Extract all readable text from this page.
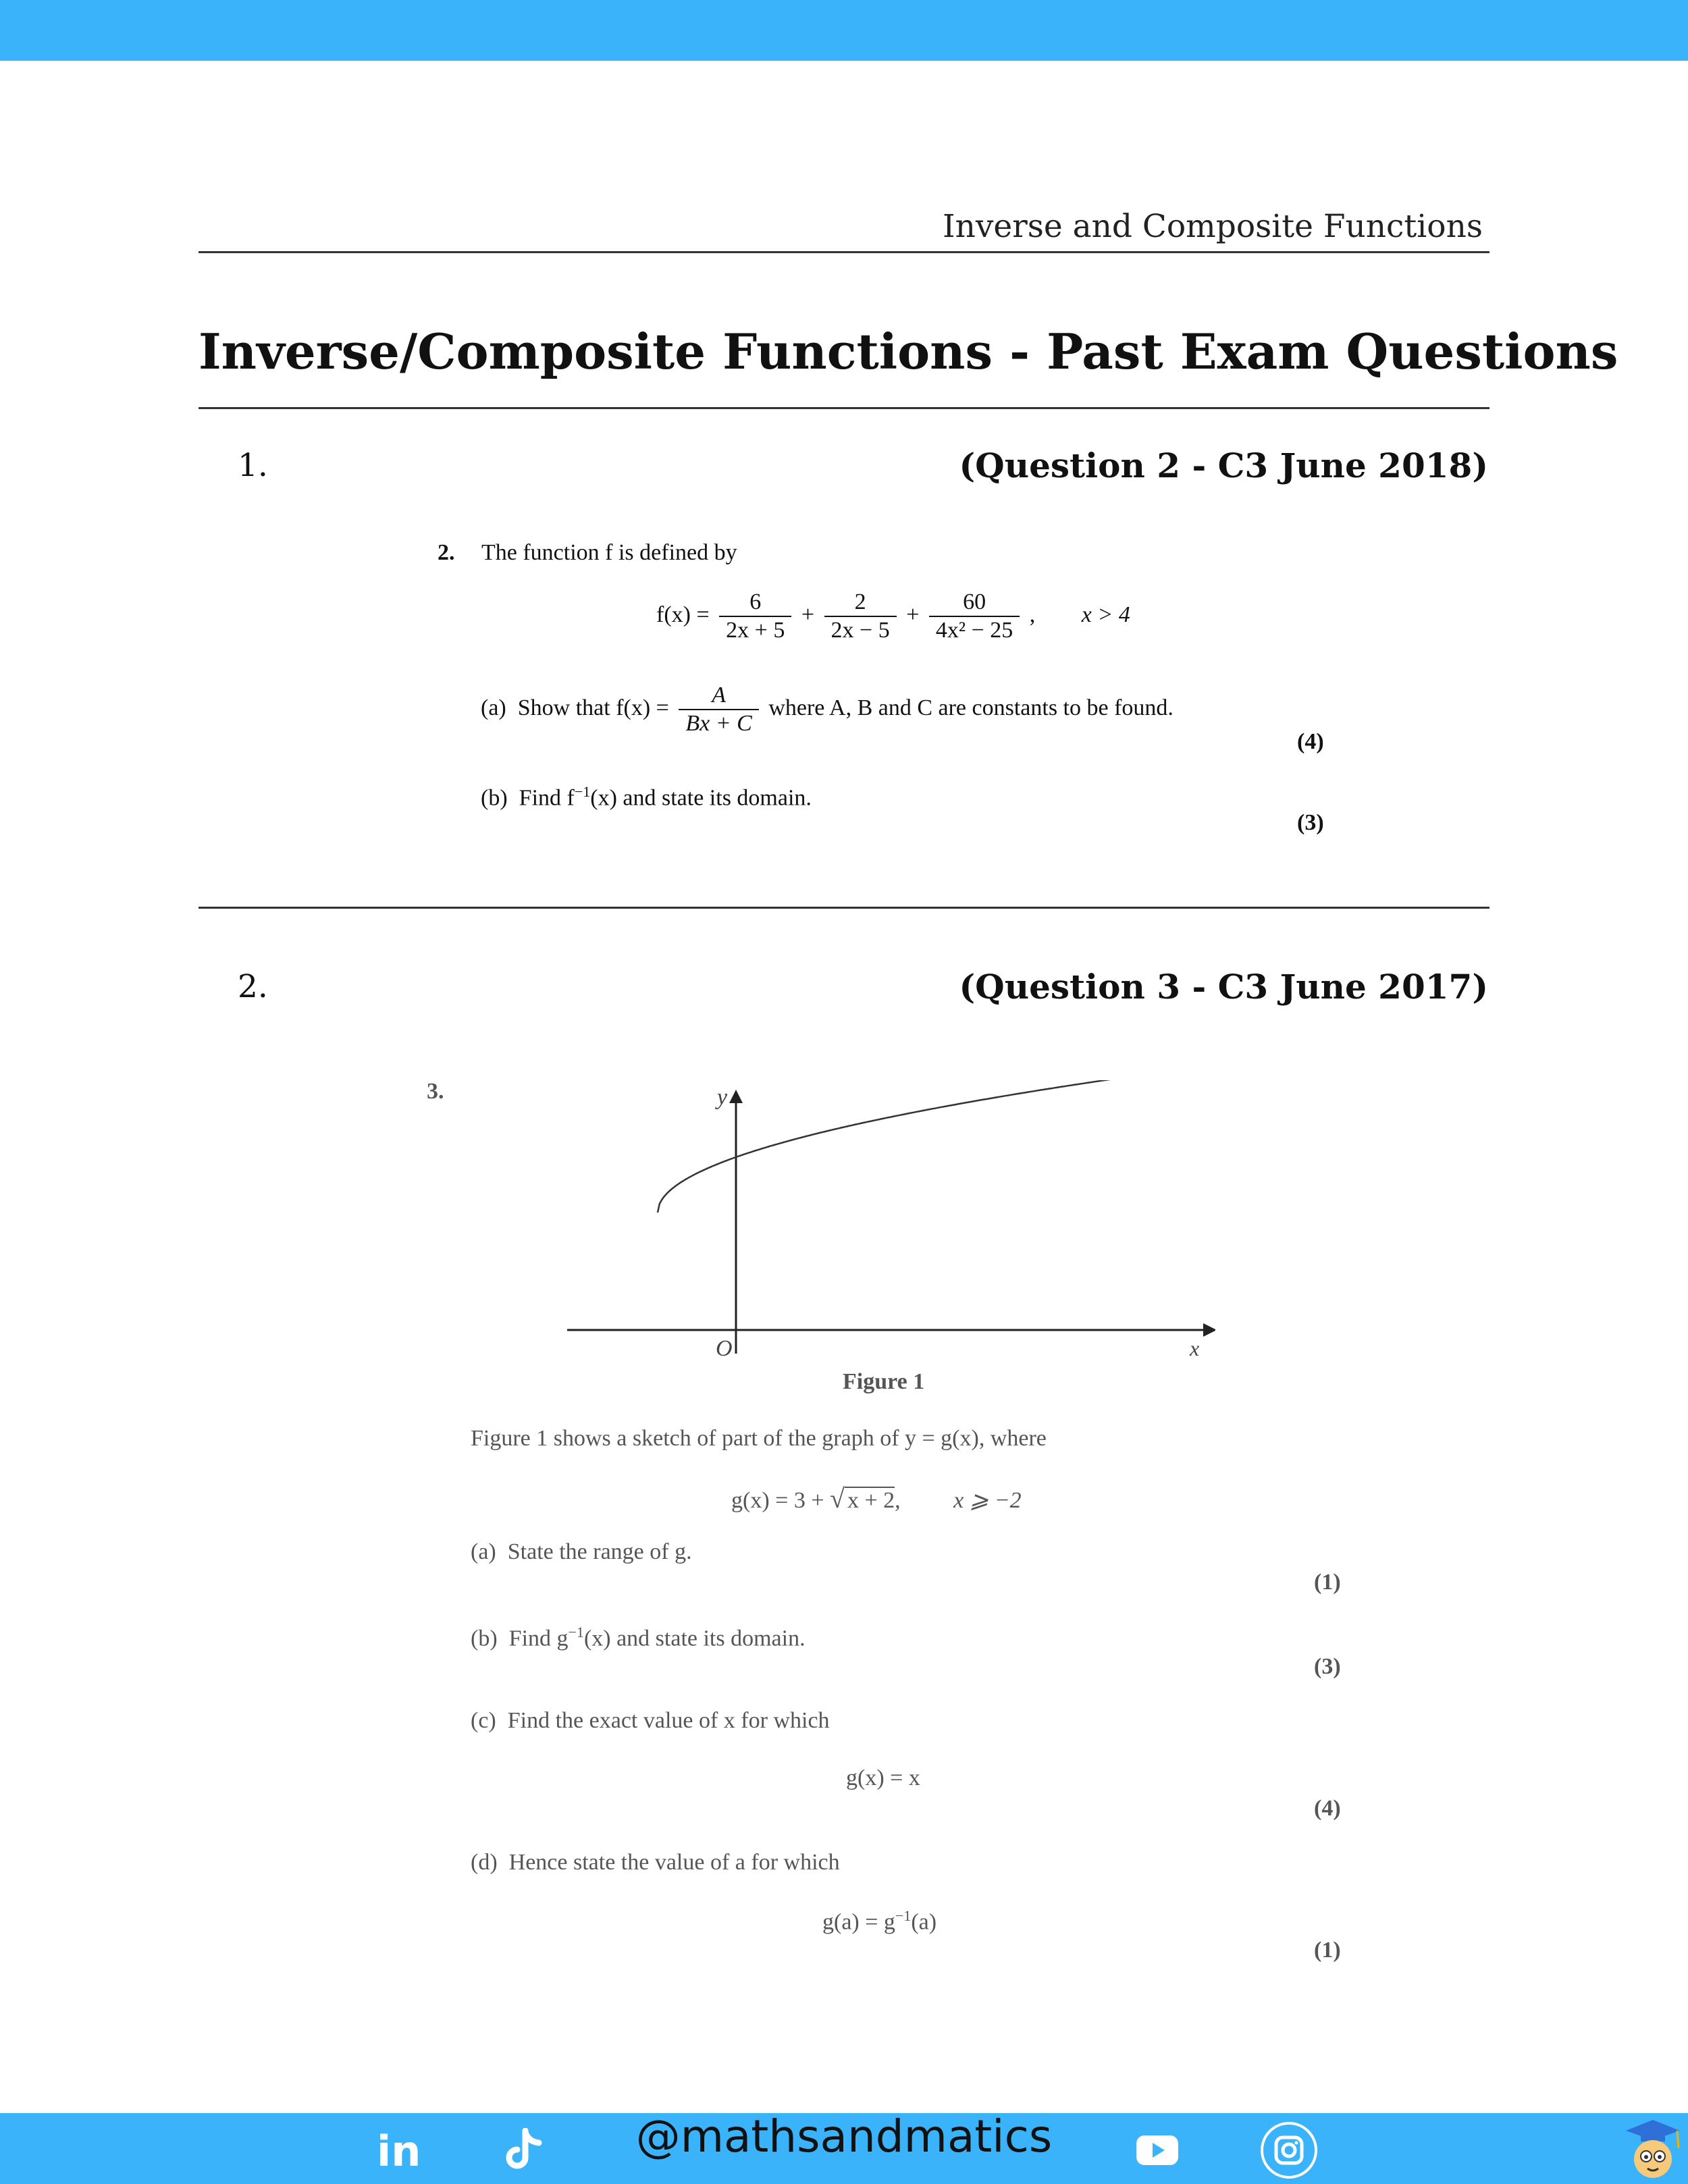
Inverse and Composite Functions
Inverse/Composite Functions - Past Exam Questions
1.	(Question 2 - C3 June 2018)
2. The function f is defined by
$f(x) = \frac{6}{2x + 5} + \frac{2}{2x - 5} + \frac{60}{\text{4x² − 25}}$ , x > 4
(a) Show that $f(x) = \frac{A}{Bx + C}$ where A, B and C are constants to be found.
(4)
(b) Find $f^{-1}(x)$ and state its domain.
(3)
2.	(Question 3 - C3 June 2017)
3.	y
x
O
Figure 1
Figure 1 shows a sketch of part of the graph of y = g(x), where
g(x) = 3 + √ x + 2, x ⩾ −2
(a) State the range of g.
(1)
(b) Find $g^{-1}(x)$ and state its domain.
(3)
(c) Find the exact value of x for which
g(x) = x
(4)
(d) Hence state the value of a for which
$g(a) = g^{-1}(a)$
(1)
in	@mathsandmatics
